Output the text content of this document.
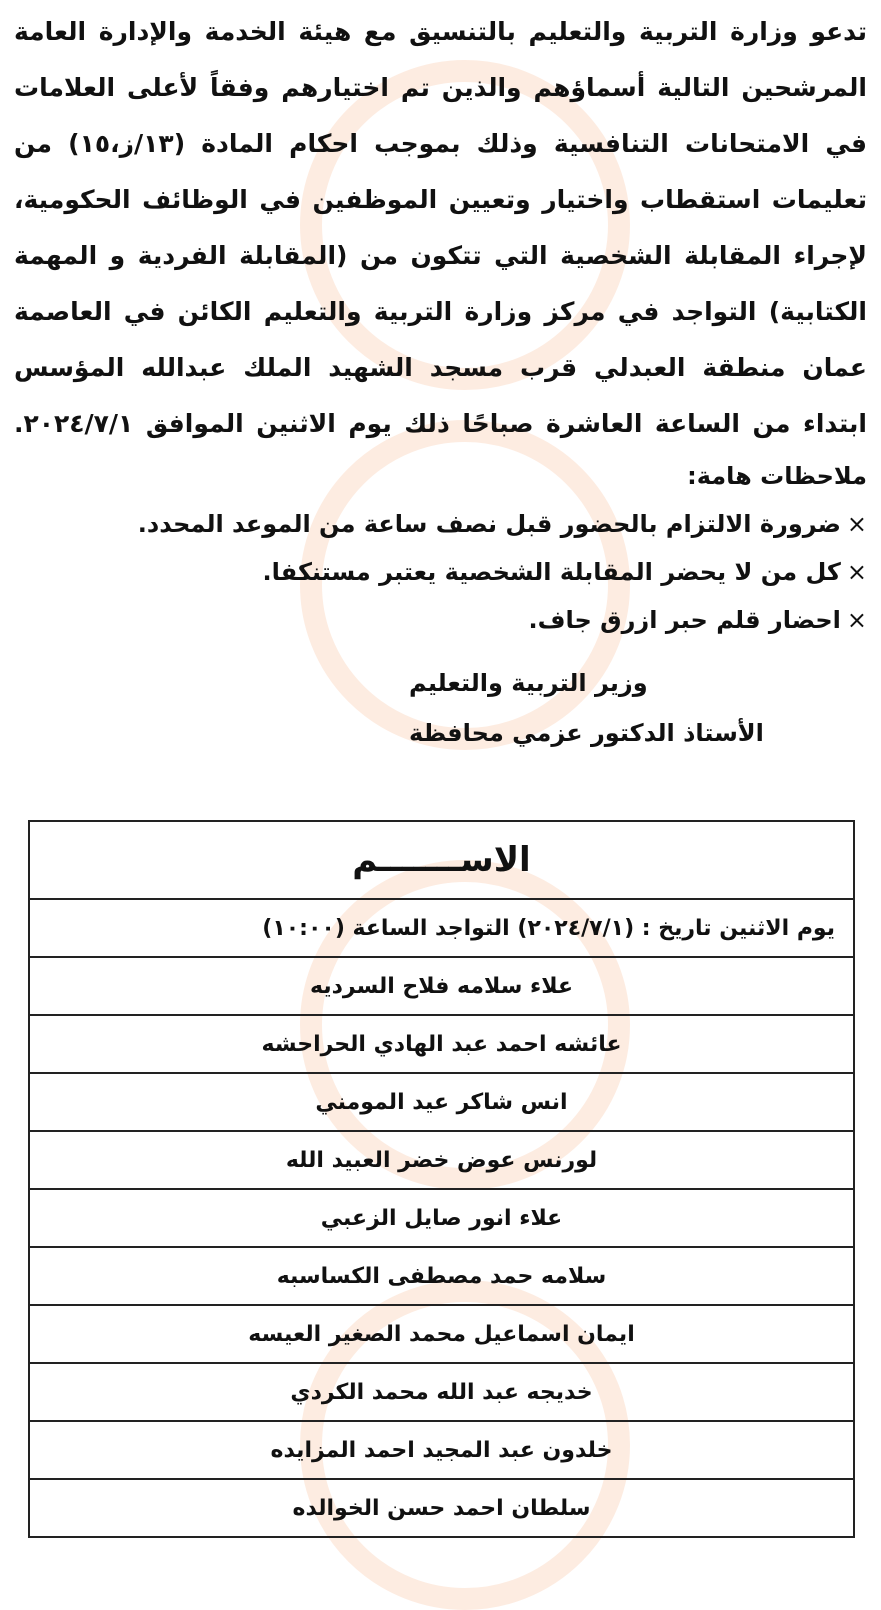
تدعو وزارة التربية والتعليم بالتنسيق مع هيئة الخدمة والإدارة العامة
المرشحين التالية أسماؤهم والذين تم اختيارهم وفقاً لأعلى العلامات
في الامتحانات التنافسية وذلك بموجب احكام المادة (١٣/ز،١٥) من
تعليمات استقطاب واختيار وتعيين الموظفين في الوظائف الحكومية،
لإجراء المقابلة الشخصية التي تتكون من (المقابلة الفردية و المهمة
الكتابية) التواجد في مركز وزارة التربية والتعليم الكائن في العاصمة
عمان منطقة العبدلي قرب مسجد الشهيد الملك عبدالله المؤسس
ابتداء من الساعة العاشرة صباحًا ذلك يوم الاثنين الموافق ٢٠٢٤/٧/١.
ملاحظات هامة:
×ضرورة الالتزام بالحضور قبل نصف ساعة من الموعد المحدد.
×كل من لا يحضر المقابلة الشخصية يعتبر مستنكفا.
×احضار قلم حبر ازرق جاف.
وزير التربية والتعليم
الأستاذ الدكتور عزمي محافظة
الاســـــــم
يوم الاثنين تاريخ : (٢٠٢٤/٧/١) التواجد الساعة (١٠:٠٠)
علاء سلامه فلاح السرديه
عائشه احمد عبد الهادي الحراحشه
انس شاكر عيد المومني
لورنس عوض خضر العبيد الله
علاء انور صايل الزعبي
سلامه حمد مصطفى الكساسبه
ايمان اسماعيل محمد الصغير العيسه
خديجه عبد الله محمد الكردي
خلدون عبد المجيد احمد المزايده
سلطان احمد حسن الخوالده
